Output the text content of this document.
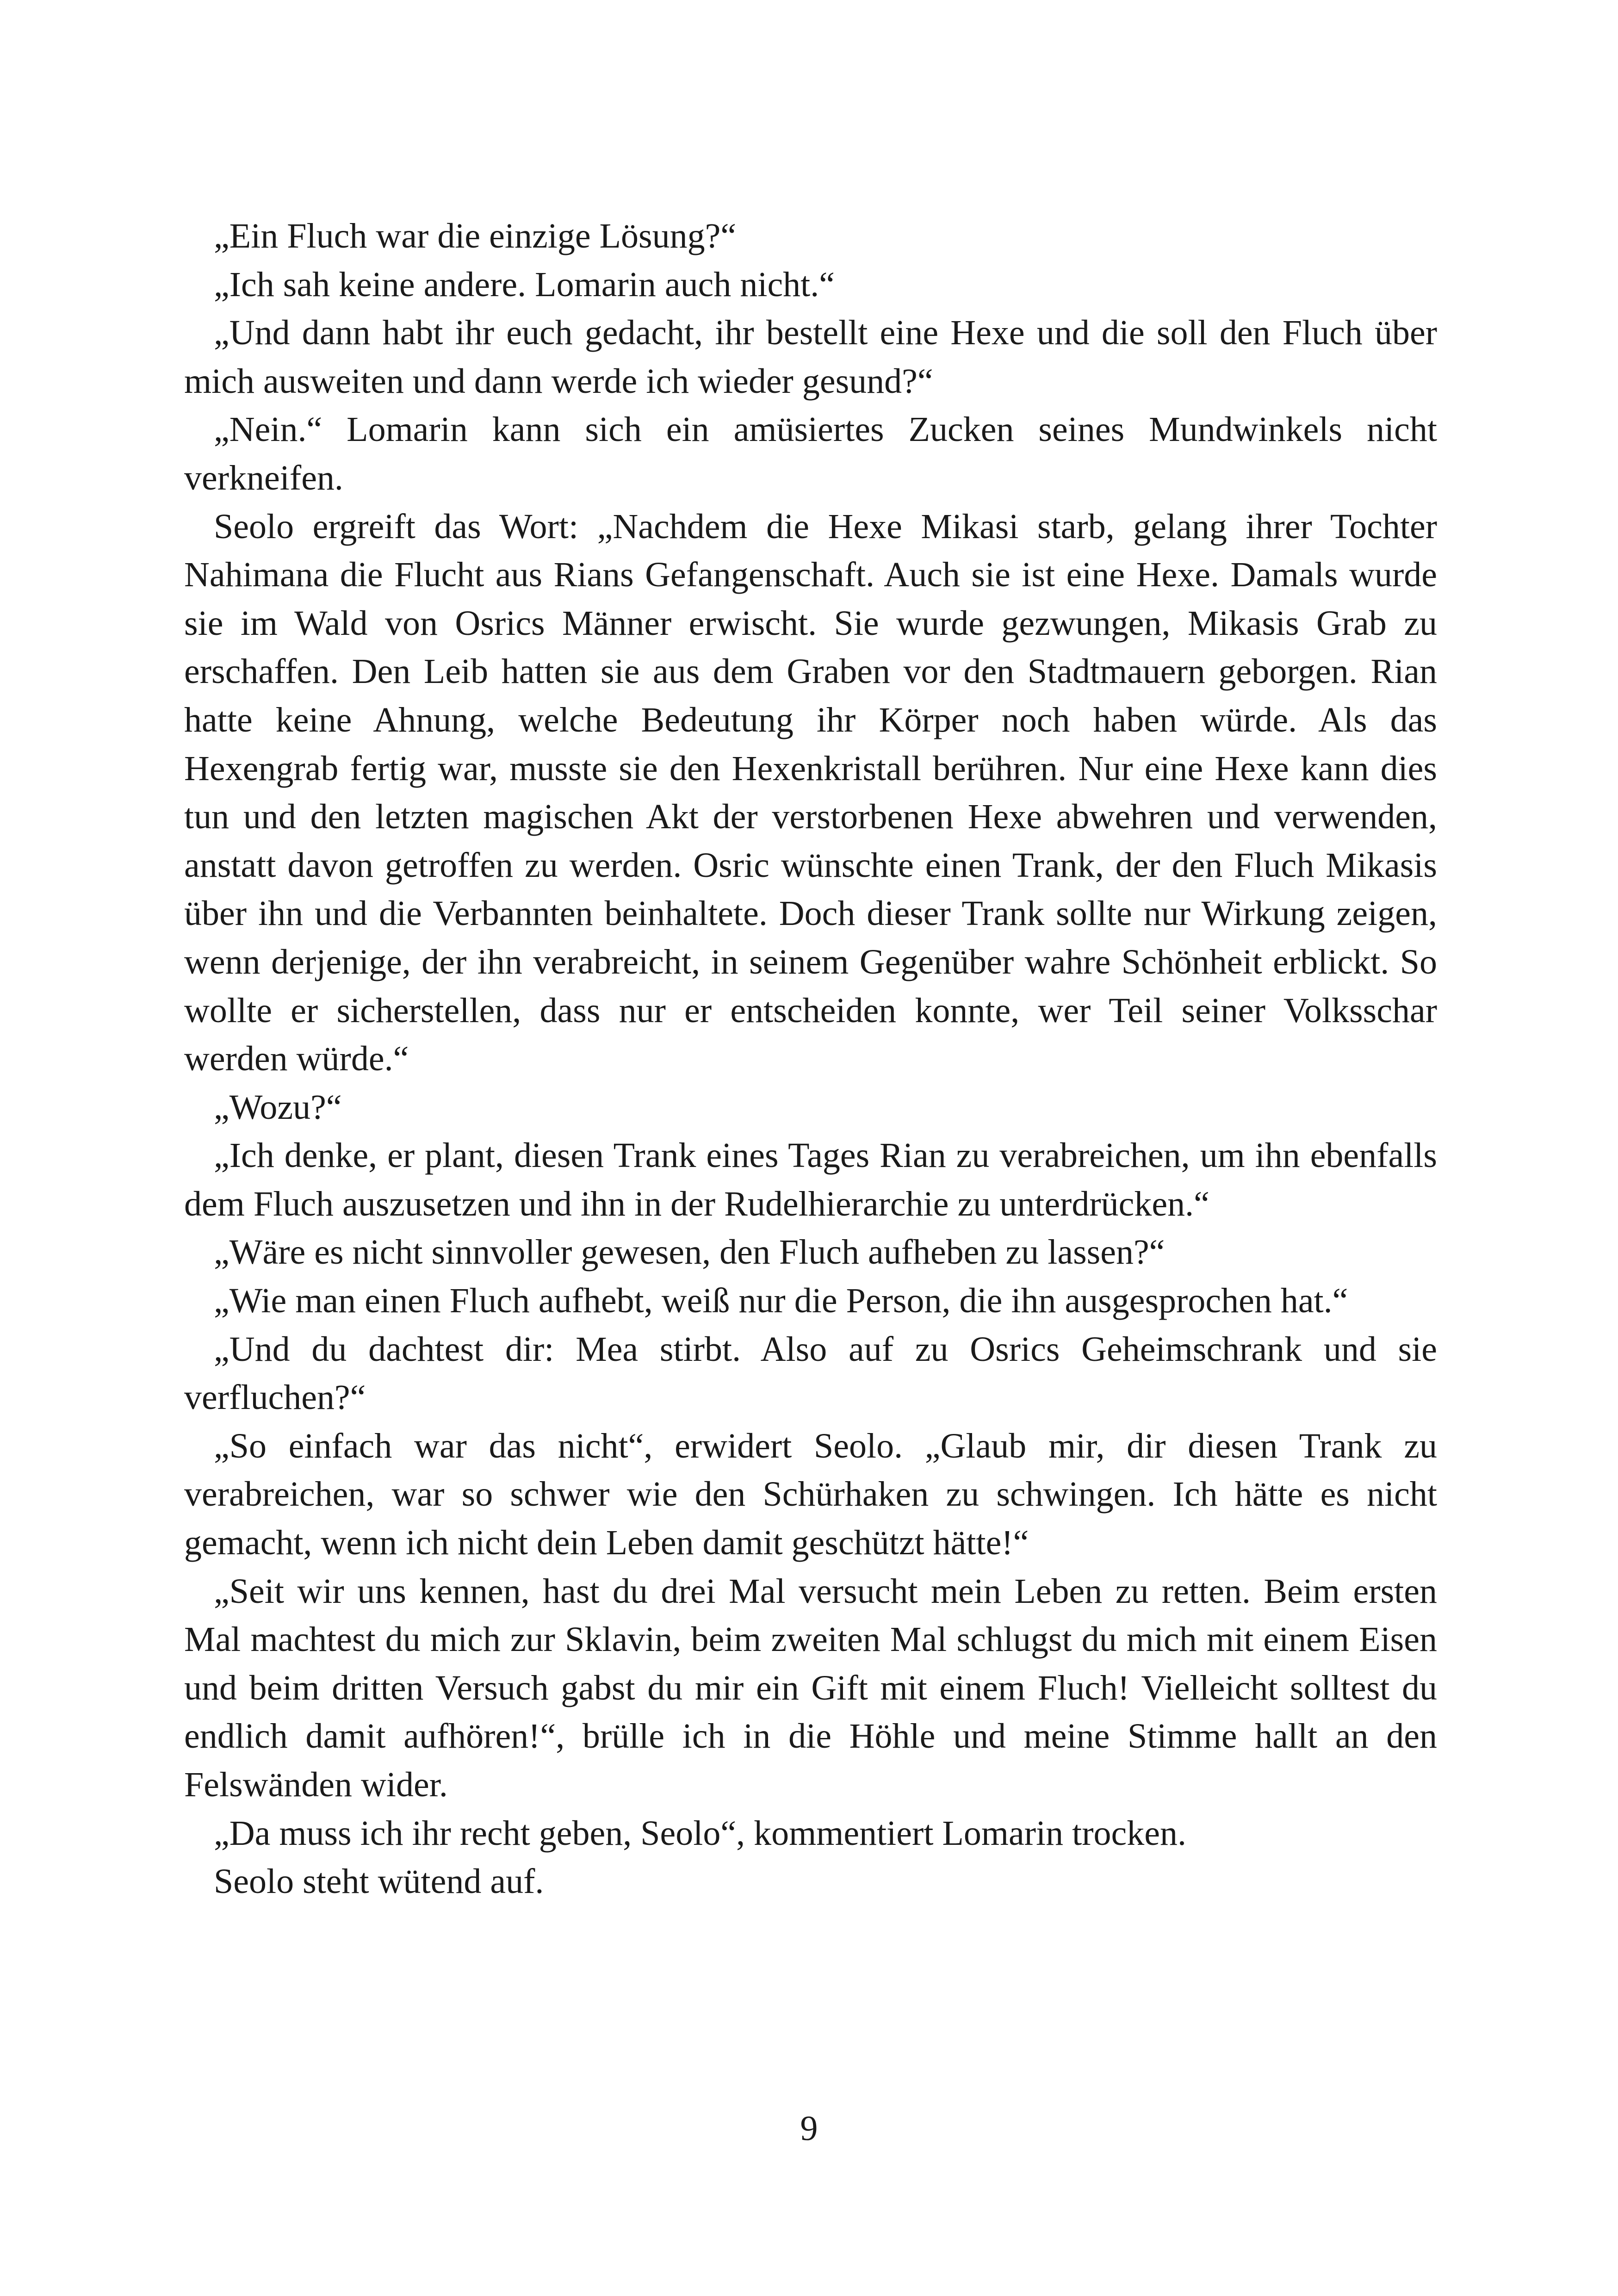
„Ein Fluch war die einzige Lösung?“

„Ich sah keine andere. Lomarin auch nicht.“

„Und dann habt ihr euch gedacht, ihr bestellt eine Hexe und die soll den Fluch über mich ausweiten und dann werde ich wieder gesund?“

„Nein.“ Lomarin kann sich ein amüsiertes Zucken seines Mundwinkels nicht verkneifen.

Seolo ergreift das Wort: „Nachdem die Hexe Mikasi starb, gelang ihrer Tochter Nahimana die Flucht aus Rians Gefangenschaft. Auch sie ist eine Hexe. Damals wurde sie im Wald von Osrics Männer erwischt. Sie wurde gezwungen, Mikasis Grab zu erschaffen. Den Leib hatten sie aus dem Graben vor den Stadtmauern geborgen. Rian hatte keine Ahnung, welche Bedeutung ihr Körper noch haben würde. Als das Hexengrab fertig war, musste sie den Hexenkristall berühren. Nur eine Hexe kann dies tun und den letzten magischen Akt der verstorbenen Hexe abwehren und verwenden, anstatt davon getroffen zu werden. Osric wünschte einen Trank, der den Fluch Mikasis über ihn und die Verbannten beinhaltete. Doch dieser Trank sollte nur Wirkung zeigen, wenn derjenige, der ihn verabreicht, in seinem Gegenüber wahre Schönheit erblickt. So wollte er sicherstellen, dass nur er entscheiden konnte, wer Teil seiner Volksschar werden würde.“

„Wozu?“

„Ich denke, er plant, diesen Trank eines Tages Rian zu verabreichen, um ihn ebenfalls dem Fluch auszusetzen und ihn in der Rudelhierarchie zu unterdrücken.“

„Wäre es nicht sinnvoller gewesen, den Fluch aufheben zu lassen?“

„Wie man einen Fluch aufhebt, weiß nur die Person, die ihn ausgesprochen hat.“

„Und du dachtest dir: Mea stirbt. Also auf zu Osrics Geheimschrank und sie verfluchen?“

„So einfach war das nicht“, erwidert Seolo. „Glaub mir, dir diesen Trank zu verabreichen, war so schwer wie den Schürhaken zu schwingen. Ich hätte es nicht gemacht, wenn ich nicht dein Leben damit geschützt hätte!“

„Seit wir uns kennen, hast du drei Mal versucht mein Leben zu retten. Beim ersten Mal machtest du mich zur Sklavin, beim zweiten Mal schlugst du mich mit einem Eisen und beim dritten Versuch gabst du mir ein Gift mit einem Fluch! Vielleicht solltest du endlich damit aufhören!“, brülle ich in die Höhle und meine Stimme hallt an den Felswänden wider.

„Da muss ich ihr recht geben, Seolo“, kommentiert Lomarin trocken.

Seolo steht wütend auf.

9
